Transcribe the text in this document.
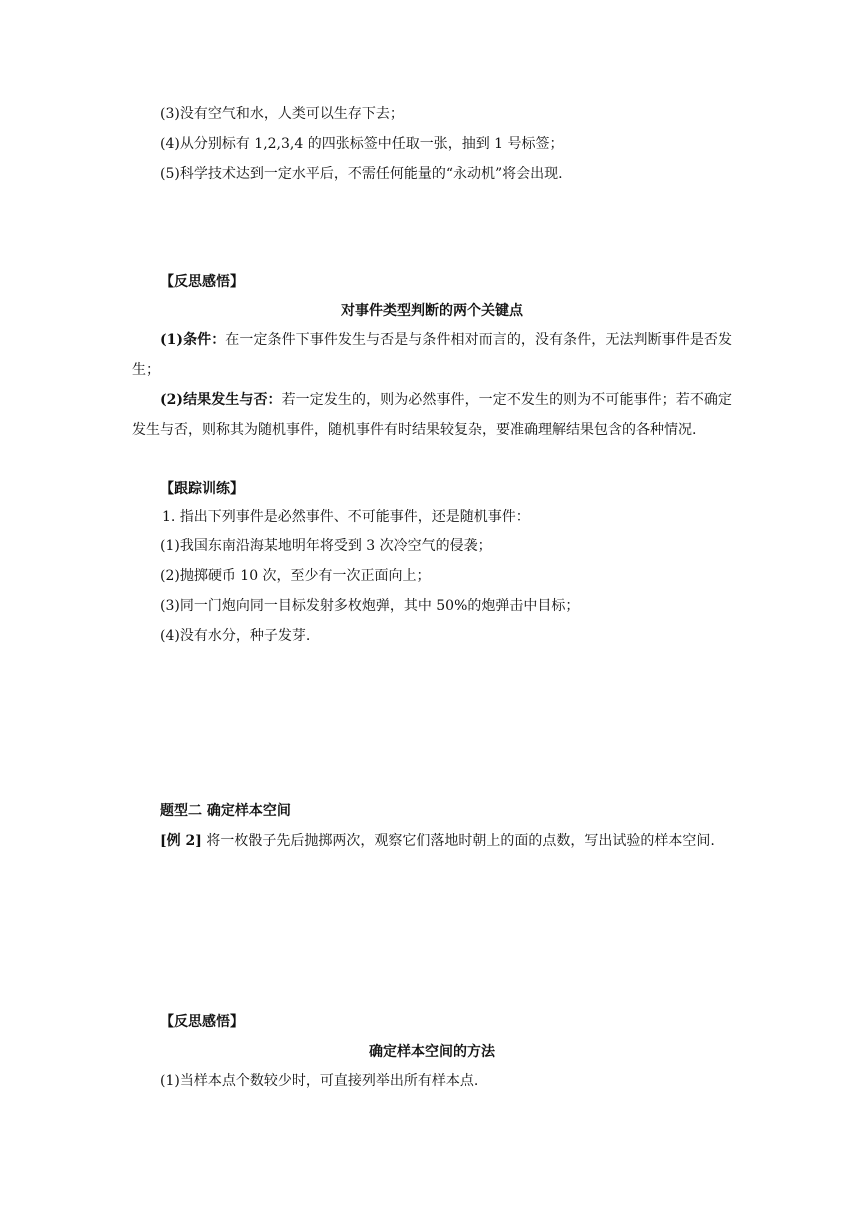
(3)没有空气和水，人类可以生存下去；
(4)从分别标有 1,2,3,4 的四张标签中任取一张，抽到 1 号标签；
(5)科学技术达到一定水平后，不需任何能量的“永动机”将会出现.
【反思感悟】
对事件类型判断的两个关键点
(1)条件：在一定条件下事件发生与否是与条件相对而言的，没有条件，无法判断事件是否发生；
(2)结果发生与否：若一定发生的，则为必然事件，一定不发生的则为不可能事件；若不确定发生与否，则称其为随机事件，随机事件有时结果较复杂，要准确理解结果包含的各种情况.
【跟踪训练】
1. 指出下列事件是必然事件、不可能事件，还是随机事件：
(1)我国东南沿海某地明年将受到 3 次冷空气的侵袭；
(2)抛掷硬币 10 次，至少有一次正面向上；
(3)同一门炮向同一目标发射多枚炮弹，其中 50%的炮弹击中目标；
(4)没有水分，种子发芽.
题型二 确定样本空间
[例 2] 将一枚骰子先后抛掷两次，观察它们落地时朝上的面的点数，写出试验的样本空间.
【反思感悟】
确定样本空间的方法
(1)当样本点个数较少时，可直接列举出所有样本点.
